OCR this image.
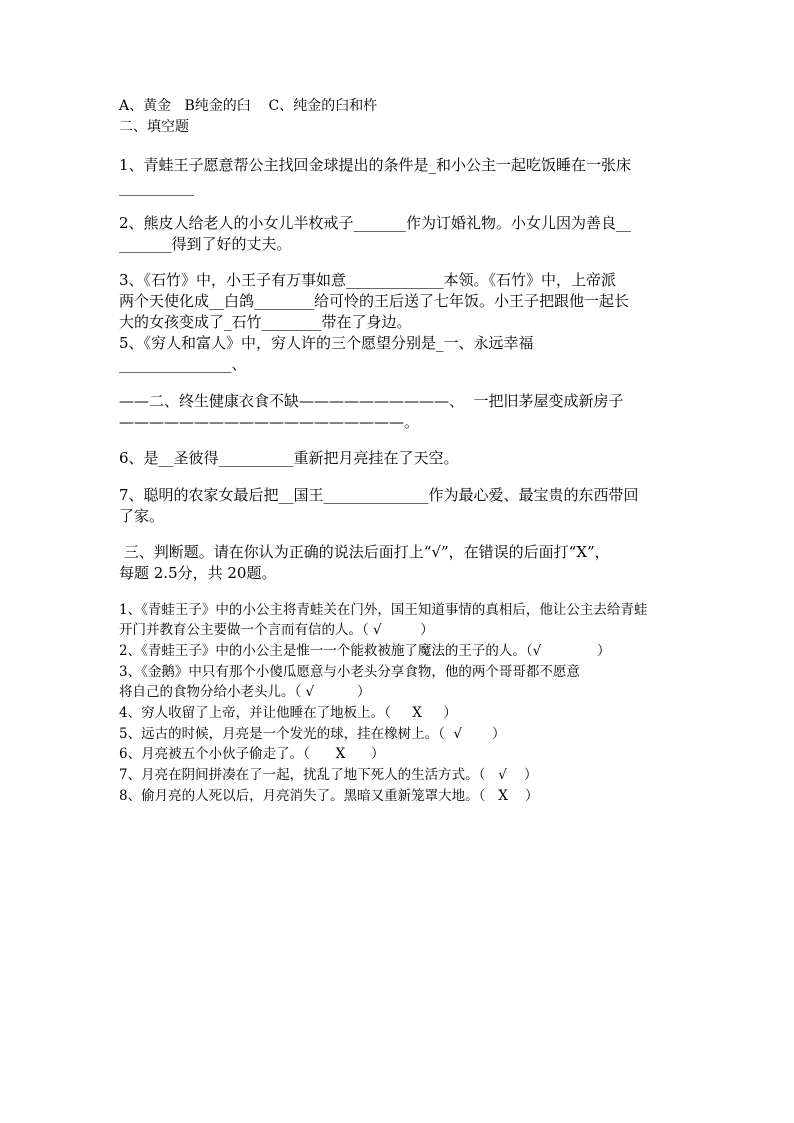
A、黄金   B纯金的臼    C、纯金的臼和杵
二、填空题
1、青蛙王子愿意帮公主找回金球提出的条件是_和小公主一起吃饭睡在一张床
__________
2、熊皮人给老人的小女儿半枚戒子_______作为订婚礼物。小女儿因为善良__
_______得到了好的丈夫。
3、《石竹》中，小王子有万事如意_____________本领。《石竹》中，上帝派
两个天使化成__白鸽________给可怜的王后送了七年饭。小王子把跟他一起长
大的女孩变成了_石竹________带在了身边。
5、《穷人和富人》中，穷人许的三个愿望分别是_一、永远幸福
_______________、
——二、终生健康衣食不缺——————————、  一把旧茅屋变成新房子
———————————————————。
6、是__圣彼得__________重新把月亮挂在了天空。
7、聪明的农家女最后把__国王______________作为最心爱、最宝贵的东西带回
了家。
三、判断题。请在你认为正确的说法后面打上“√”，在错误的后面打“X”，
每题 2.5分，共 20题。
1、《青蛙王子》中的小公主将青蛙关在门外，国王知道事情的真相后，他让公主去给青蛙
开门并教育公主要做一个言而有信的人。（ √         ）
2、《青蛙王子》中的小公主是惟一一个能救被施了魔法的王子的人。（√             ）
3、《金鹅》中只有那个小傻瓜愿意与小老头分享食物，他的两个哥哥都不愿意
将自己的食物分给小老头儿。（ √          ）
4、穷人收留了上帝，并让他睡在了地板上。（     X     ）
5、远古的时候，月亮是一个发光的球，挂在橡树上。（  √       ）
6、月亮被五个小伙子偷走了。（      X      ）
7、月亮在阴间拼凑在了一起，扰乱了地下死人的生活方式。（   √    ）
8、偷月亮的人死以后，月亮消失了。黑暗又重新笼罩大地。（   X    ）
